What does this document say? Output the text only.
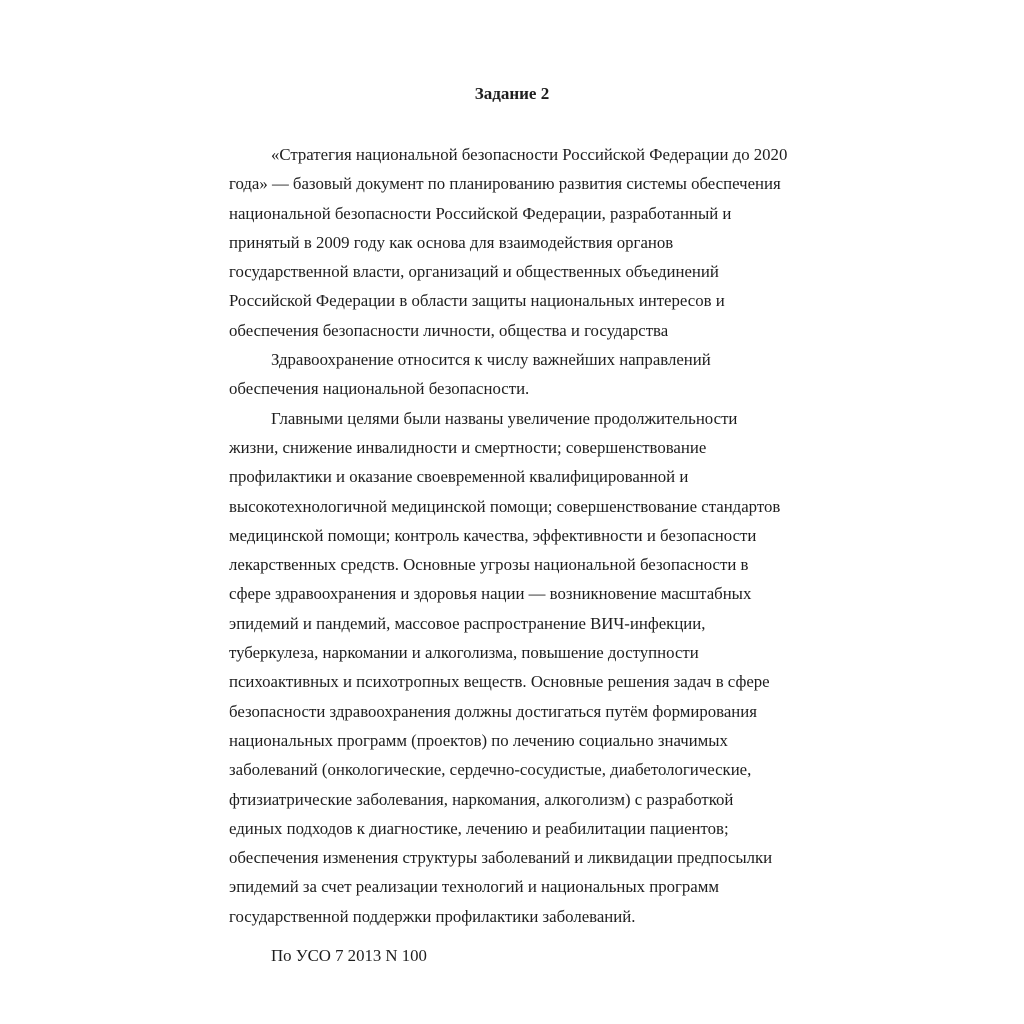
Задание 2

«Стратегия национальной безопасности Российской Федерации до 2020
года» — базовый документ по планированию развития системы обеспечения
национальной безопасности Российской Федерации, разработанный и
принятый в 2009 году как основа для взаимодействия органов
государственной власти, организаций и общественных объединений
Российской Федерации в области защиты национальных интересов и
обеспечения безопасности личности, общества и государства

Здравоохранение относится к числу важнейших направлений
обеспечения национальной безопасности.

Главными целями были названы увеличение продолжительности
жизни, снижение инвалидности и смертности; совершенствование
профилактики и оказание своевременной квалифицированной и
высокотехнологичной медицинской помощи; совершенствование стандартов
медицинской помощи; контроль качества, эффективности и безопасности
лекарственных средств. Основные угрозы национальной безопасности в
сфере здравоохранения и здоровья нации — возникновение масштабных
эпидемий и пандемий, массовое распространение ВИЧ-инфекции,
туберкулеза, наркомании и алкоголизма, повышение доступности
психоактивных и психотропных веществ. Основные решения задач в сфере
безопасности здравоохранения должны достигаться путём формирования
национальных программ (проектов) по лечению социально значимых
заболеваний (онкологические, сердечно-сосудистые, диабетологические,
фтизиатрические заболевания, наркомания, алкоголизм) с разработкой
единых подходов к диагностике, лечению и реабилитации пациентов;
обеспечения изменения структуры заболеваний и ликвидации предпосылки
эпидемий за счет реализации технологий и национальных программ
государственной поддержки профилактики заболеваний.

По УСО 7 2013 N 100
